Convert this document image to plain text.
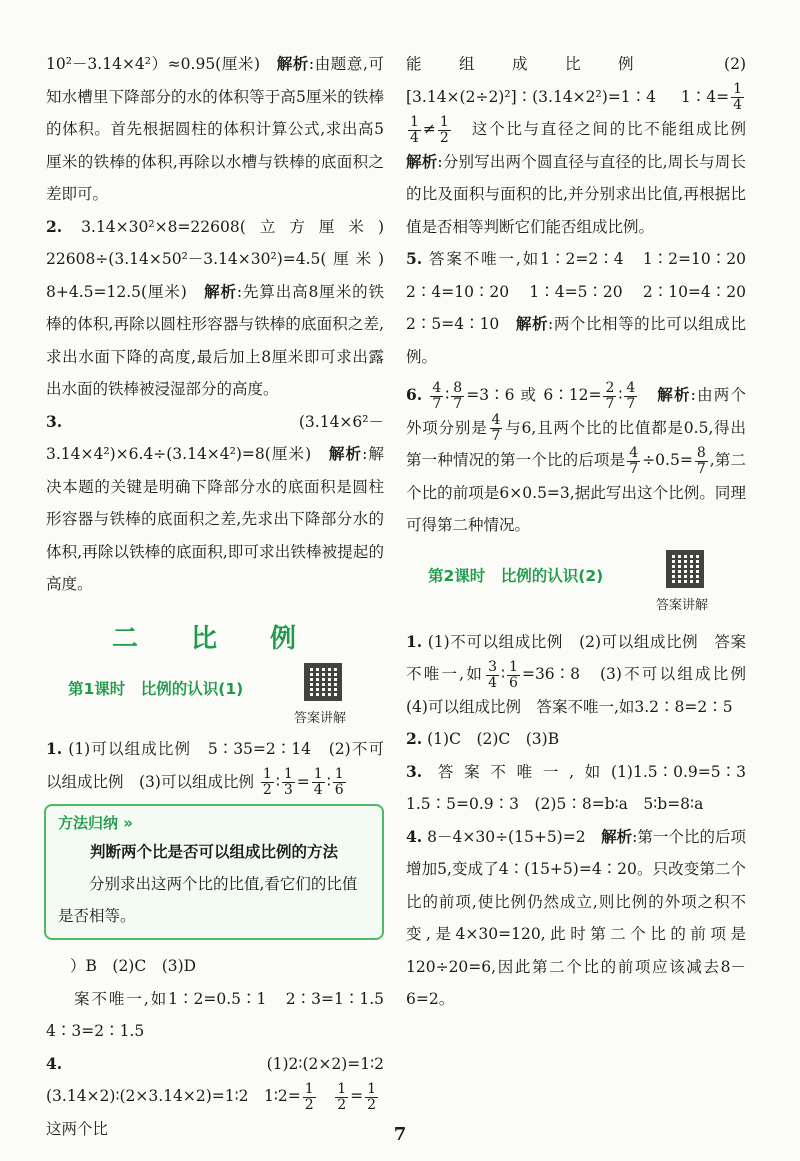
10²－3.14×4²）≈0.95(厘米)　解析:由题意,可知水槽里下降部分的水的体积等于高5厘米的铁棒的体积。首先根据圆柱的体积计算公式,求出高5厘米的铁棒的体积,再除以水槽与铁棒的底面积之差即可。

2. 3.14×30²×8=22608(立方厘米)　22608÷(3.14×50²－3.14×30²)=4.5(厘米)　8+4.5=12.5(厘米)　解析:先算出高8厘米的铁棒的体积,再除以圆柱形容器与铁棒的底面积之差,求出水面下降的高度,最后加上8厘米即可求出露出水面的铁棒被浸湿部分的高度。

3.	(3.14×6²－3.14×4²)×6.4÷(3.14×4²)=8(厘米)　解析:解决本题的关键是明确下降部分水的底面积是圆柱形容器与铁棒的底面积之差,先求出下降部分水的体积,再除以铁棒的底面积,即可求出铁棒被提起的高度。

二 比 例
第1课时　比例的认识(1)
答案讲解

1. (1)可以组成比例　5∶35=2∶14　(2)不可以组成比例　(3)可以组成比例 $\frac{1}{2}$ ∶ $\frac{1}{3} = \frac{1}{4}$ ∶ $\frac{1}{6}$

方法归纳 »
判断两个比是否可以组成比例的方法

分别求出这两个比的比值,看它们的比值是否相等。

）B　(2)C　(3)D

案不唯一,如1∶2=0.5∶1　2∶3=1∶1.5　4∶3=2∶1.5

4.	(1)2∶(2×2)=1∶2　(3.14×2)∶(2×3.14×2)=1∶2　1∶2= $\frac{1}{2}$
　 $\frac{1}{2} = \frac{1}{2}$ 　这两个比

能组成比例　(2)[3.14×(2÷2)²]∶(3.14×2²)=1∶4　1∶4= $\frac{1}{4}$

$\frac{1}{4} \ne \frac{1}{2}$ 　这个比与直径之间的比不能组成比例　解析:分别写出两个圆直径与直径的比,周长与周长的比及面积与面积的比,并分别求出比值,再根据比值是否相等判断它们能否组成比例。

5. 答案不唯一,如1∶2=2∶4　1∶2=10∶20　2∶4=10∶20　1∶4=5∶20　2∶10=4∶20　2∶5=4∶10　解析:两个比相等的比可以组成比例。

6. $\frac{4}{7}$ ∶ $\frac{8}{7}$ =3∶6 或 6∶12= $\frac{2}{7}$ ∶ $\frac{4}{7}$
　 解析:由两个外项分别是 $\frac{4}{7}$ 与6,且两个比的比值都是0.5,得出第一种情况的第一个比的后项是 $\frac{4}{7} \div 0.5= \frac{8}{7}$ ,第二个比的前项是6×0.5=3,据此写出这个比例。同理可得第二种情况。

第2课时　比例的认识(2)
答案讲解

1. (1)不可以组成比例　(2)可以组成比例　答案不唯一,如 $\frac{3}{4}$ ∶ $\frac{1}{6}$ =36∶8　(3)不可以组成比例　(4)可以组成比例　答案不唯一,如3.2∶8=2∶5

2. (1)C　(2)C　(3)B

3. 答案不唯一,如(1)1.5∶0.9=5∶3　1.5∶5=0.9∶3　(2)5∶8=b∶a　5∶b=8∶a

4. 8－4×30÷(15+5)=2　解析:第一个比的后项增加5,变成了4∶(15+5)=4∶20。只改变第二个比的前项,使比例仍然成立,则比例的外项之积不变,是4×30=120,此时第二个比的前项是120÷20=6,因此第二个比的前项应该减去8－6=2。

7
